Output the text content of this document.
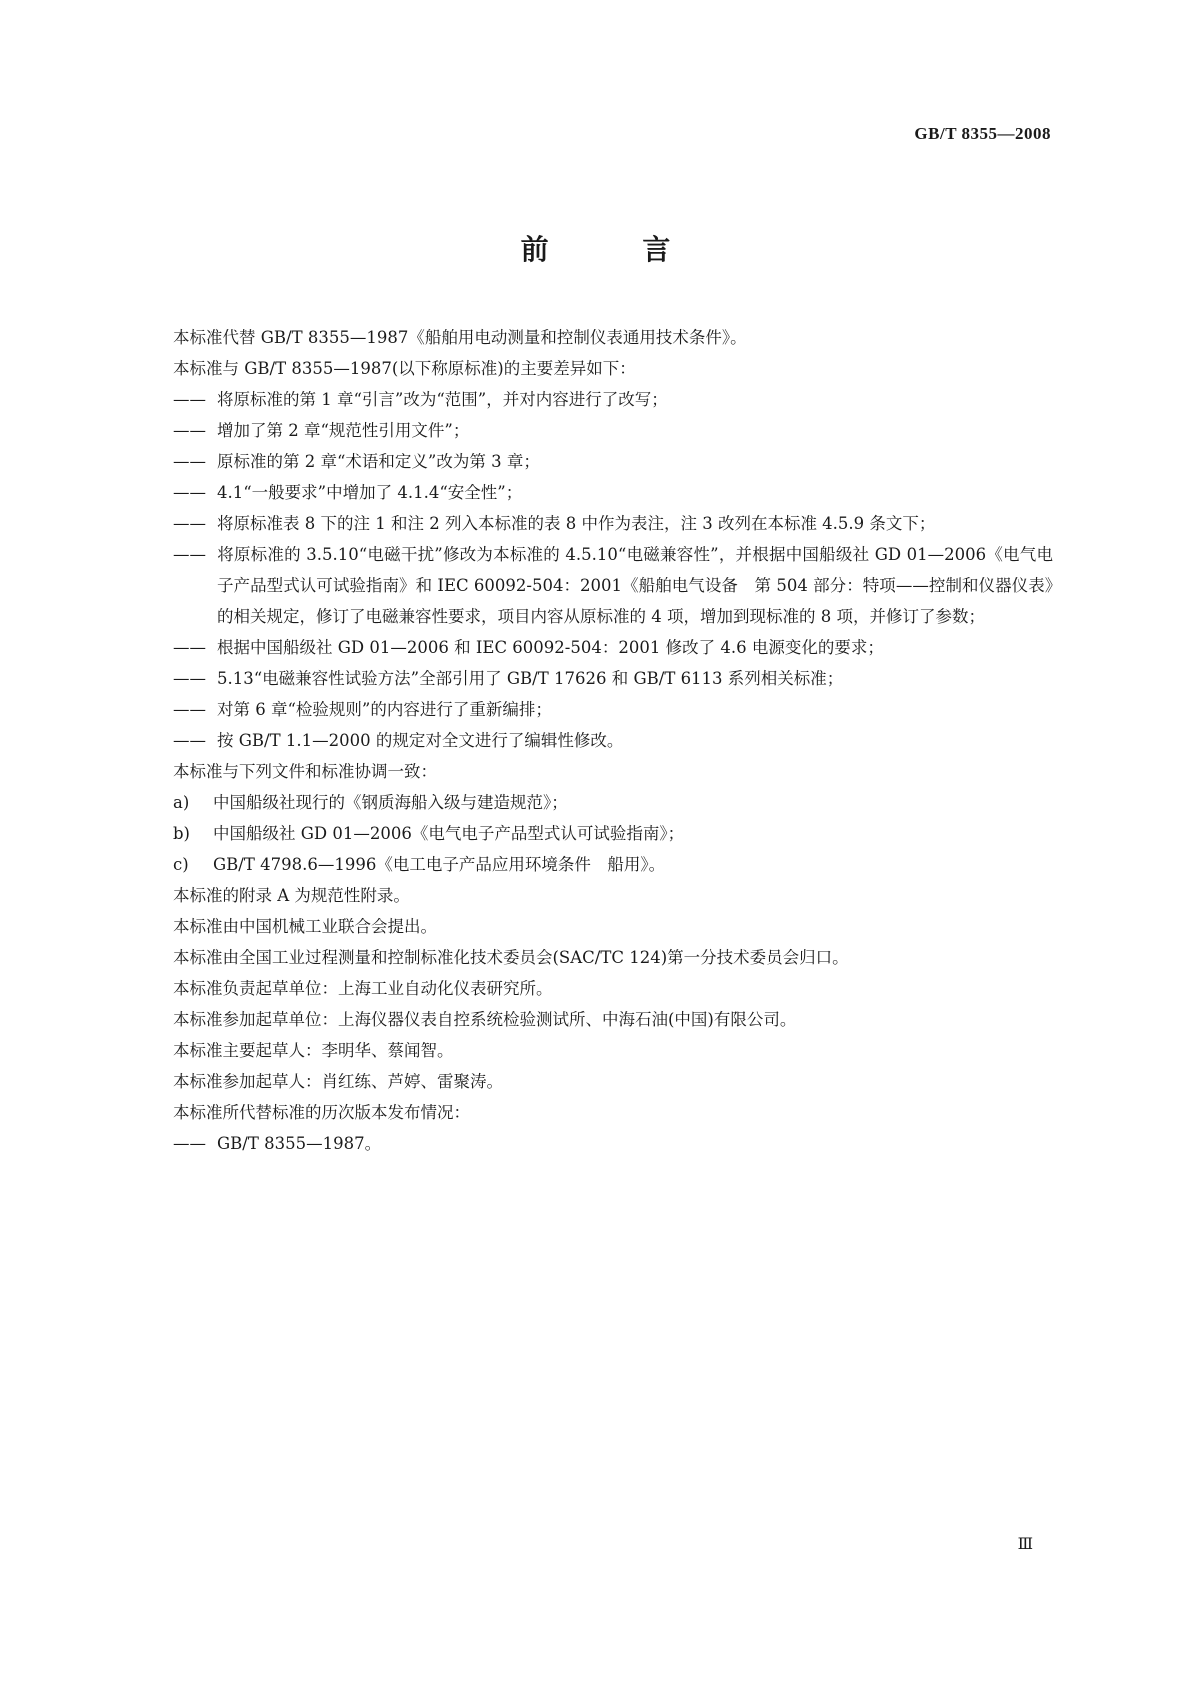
GB/T 8355—2008
前 言

本标准代替 GB/T 8355—1987《船舶用电动测量和控制仪表通用技术条件》。

本标准与 GB/T 8355—1987(以下称原标准)的主要差异如下：

—— 将原标准的第 1 章“引言”改为“范围”，并对内容进行了改写；

—— 增加了第 2 章“规范性引用文件”；

—— 原标准的第 2 章“术语和定义”改为第 3 章；

—— 4.1“一般要求”中增加了 4.1.4“安全性”；

—— 将原标准表 8 下的注 1 和注 2 列入本标准的表 8 中作为表注，注 3 改列在本标准 4.5.9 条文下；

—— 将原标准的 3.5.10“电磁干扰”修改为本标准的 4.5.10“电磁兼容性”，并根据中国船级社 GD 01—2006《电气电子产品型式认可试验指南》和 IEC 60092-504：2001《船舶电气设备　第 504 部分：特项——控制和仪器仪表》的相关规定，修订了电磁兼容性要求，项目内容从原标准的 4 项，增加到现标准的 8 项，并修订了参数；

—— 根据中国船级社 GD 01—2006 和 IEC 60092-504：2001 修改了 4.6 电源变化的要求；

—— 5.13“电磁兼容性试验方法”全部引用了 GB/T 17626 和 GB/T 6113 系列相关标准；

—— 对第 6 章“检验规则”的内容进行了重新编排；

—— 按 GB/T 1.1—2000 的规定对全文进行了编辑性修改。

本标准与下列文件和标准协调一致：

a) 中国船级社现行的《钢质海船入级与建造规范》；

b) 中国船级社 GD 01—2006《电气电子产品型式认可试验指南》；

c) GB/T 4798.6—1996《电工电子产品应用环境条件　船用》。

本标准的附录 A 为规范性附录。

本标准由中国机械工业联合会提出。

本标准由全国工业过程测量和控制标准化技术委员会(SAC/TC 124)第一分技术委员会归口。

本标准负责起草单位：上海工业自动化仪表研究所。

本标准参加起草单位：上海仪器仪表自控系统检验测试所、中海石油(中国)有限公司。

本标准主要起草人：李明华、蔡闻智。

本标准参加起草人：肖红练、芦婷、雷聚涛。

本标准所代替标准的历次版本发布情况：

—— GB/T 8355—1987。

Ⅲ
